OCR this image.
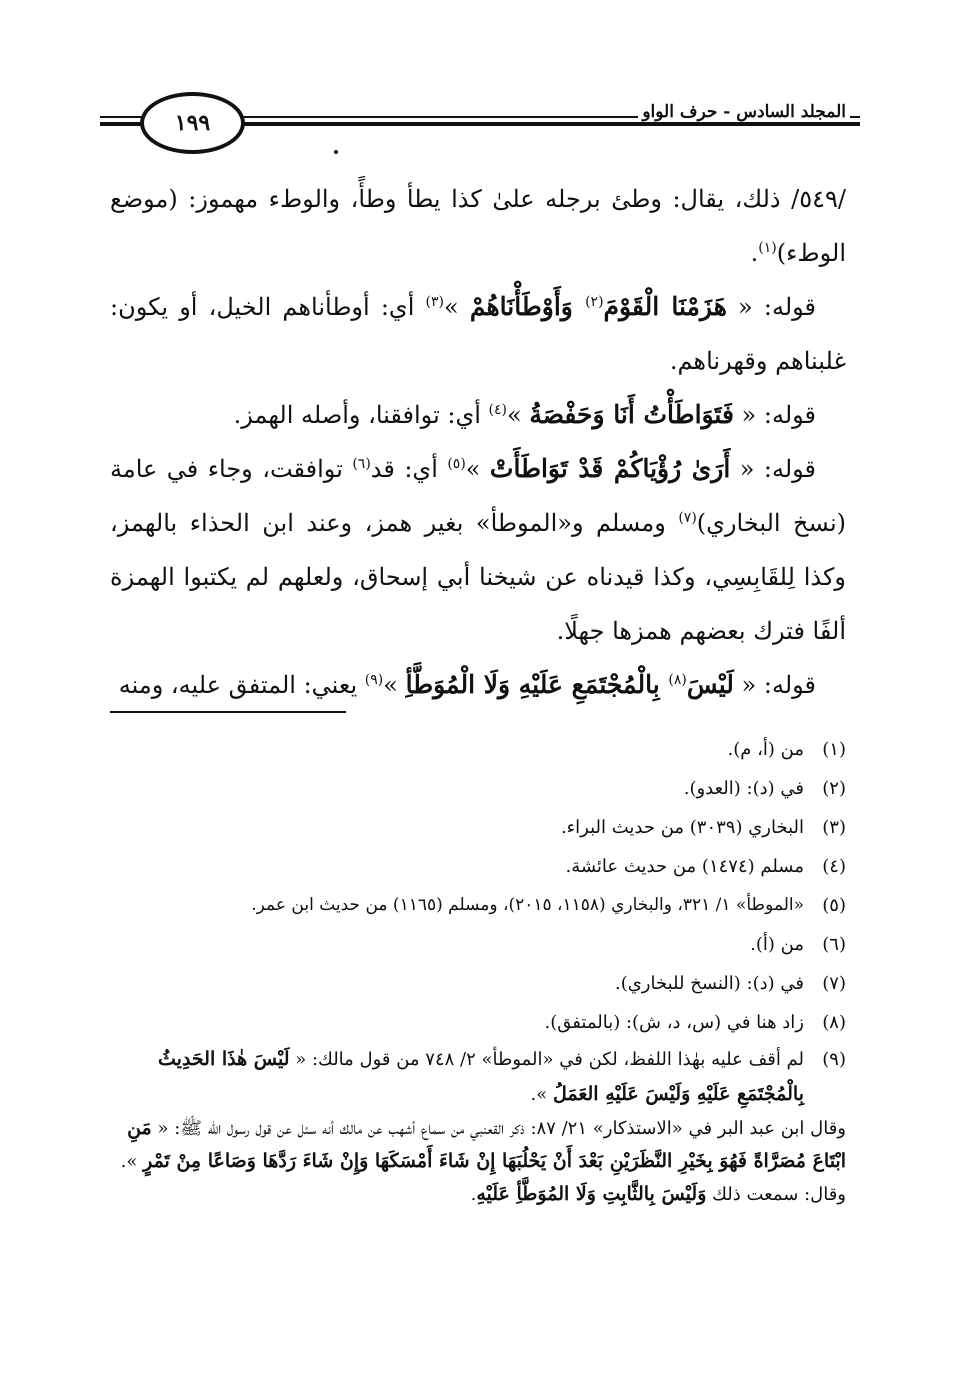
المجلد السادس - حرف الواو
١٩٩

/٥٤٩/ ذلك، يقال: وطئ برجله علىٰ كذا يطأ وطأً، والوطء مهموز: (موضع الوطء)$^{(١)}$.

قوله: « هَزَمْنَا الْقَوْمَ$^{(٢)}$ وَأَوْطَأْنَاهُمْ »$^{(٣)}$ أي: أوطأناهم الخيل، أو يكون: غلبناهم وقهرناهم.

قوله: « فَتَوَاطَأْتُ أَنَا وَحَفْصَةُ »$^{(٤)}$ أي: توافقنا، وأصله الهمز.

قوله: « أَرَىٰ رُؤْيَاكُمْ قَدْ تَوَاطَأَتْ »$^{(٥)}$ أي: قد$^{(٦)}$ توافقت، وجاء في عامة (نسخ البخاري)$^{(٧)}$ ومسلم و«الموطأ» بغير همز، وعند ابن الحذاء بالهمز، وكذا لِلقَابِسِي، وكذا قيدناه عن شيخنا أبي إسحاق، ولعلهم لم يكتبوا الهمزة ألفًا فترك بعضهم همزها جهلًا.

قوله: « لَيْسَ$^{(٨)}$ بِالْمُجْتَمَعِ عَلَيْهِ وَلَا الْمُوَطَّأِ »$^{(٩)}$ يعني: المتفق عليه، ومنه

(١)
من (أ، م).
(٢)
في (د): (العدو).
(٣)
البخاري (٣٠٣٩) من حديث البراء.
(٤)
مسلم (١٤٧٤) من حديث عائشة.
(٥)
«الموطأ» ١/ ٣٢١، والبخاري (١١٥٨، ٢٠١٥)، ومسلم (١١٦٥) من حديث ابن عمر.
(٦)
من (أ).
(٧)
في (د): (النسخ للبخاري).
(٨)
زاد هنا في (س، د، ش): (بالمتفق).
(٩)

لم أقف عليه بهٰذا اللفظ، لكن في «الموطأ» ٢/ ٧٤٨ من قول مالك: « لَيْسَ هٰذَا الحَدِيثُ بِالْمُجْتَمَعِ عَلَيْهِ وَلَيْسَ عَلَيْهِ العَمَلُ ».

وقال ابن عبد البر في «الاستذكار» ٢١/ ٨٧: ذكر القعنبي من سماع أشهب عن مالك أنه سئل عن قول رسول الله ﷺ: « مَنِ ابْتَاعَ مُصَرَّاةً فَهُوَ بِخَيْرِ النَّظَرَيْنِ بَعْدَ أَنْ يَحْلُبَهَا إِنْ شَاءَ أَمْسَكَهَا وَإِنْ شَاءَ رَدَّهَا وَصَاعًا مِنْ تَمْرٍ ».

وقال: سمعت ذلك وَلَيْسَ بِالثَّابِتِ وَلَا المُوَطَّأِ عَلَيْهِ.
